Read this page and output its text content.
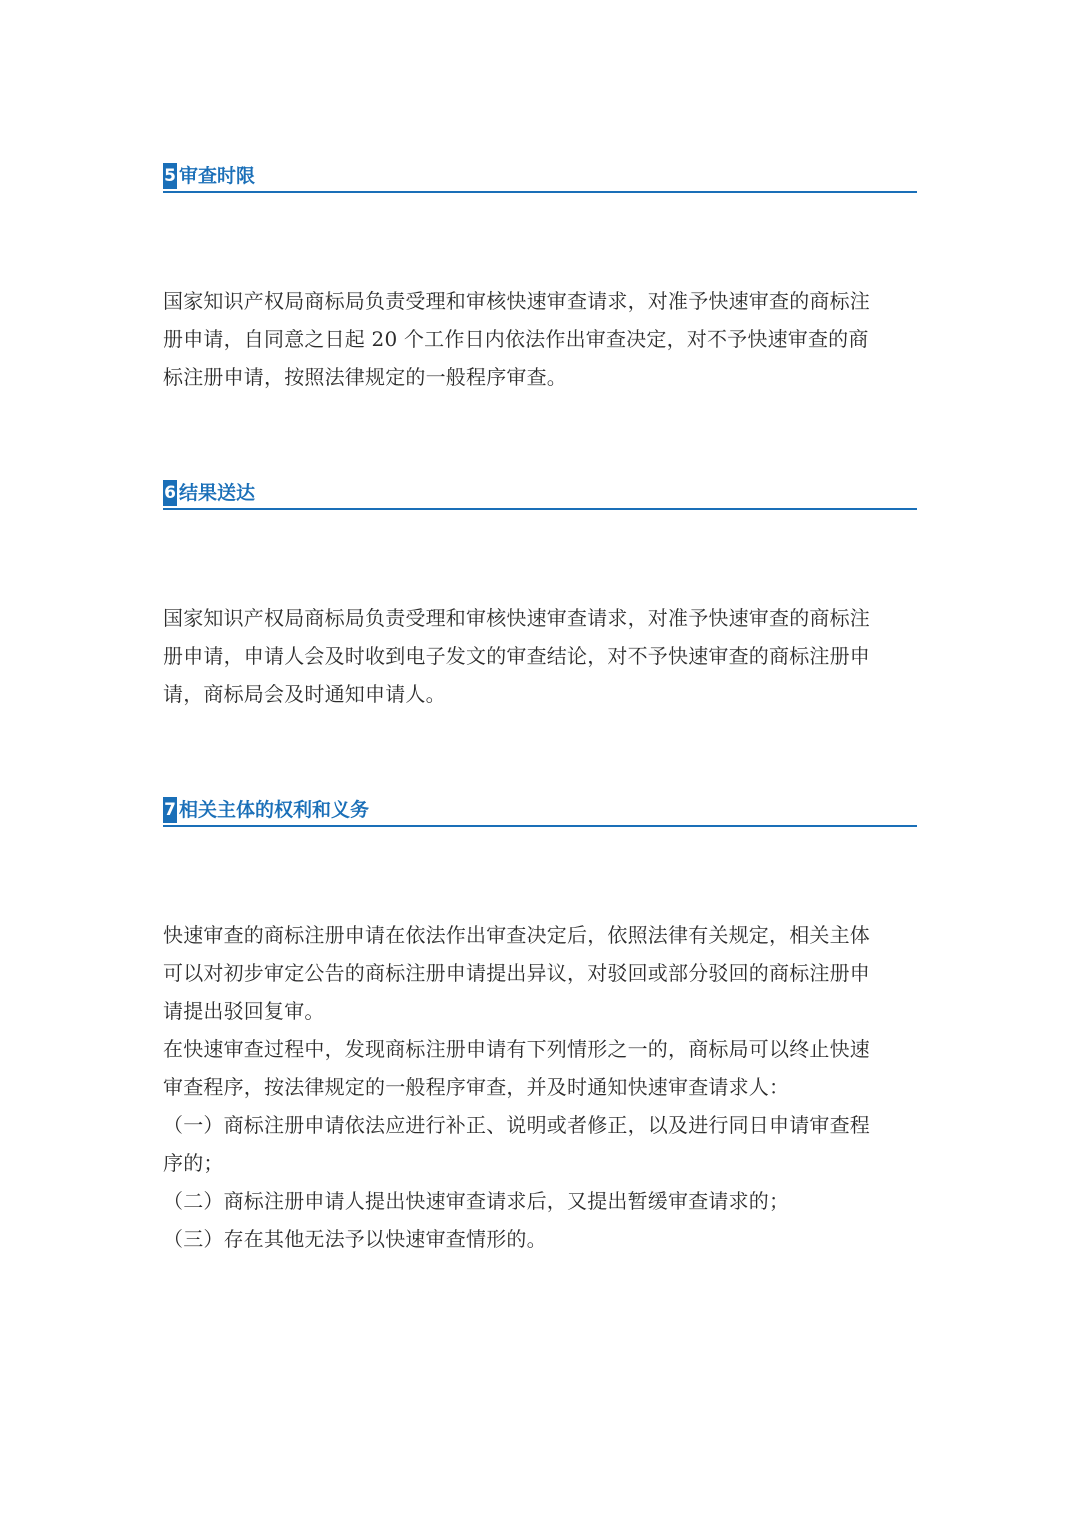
5 审查时限
国家知识产权局商标局负责受理和审核快速审查请求，对准予快速审查的商标注
册申请，自同意之日起 20 个工作日内依法作出审查决定，对不予快速审查的商
标注册申请，按照法律规定的一般程序审查。
6 结果送达
国家知识产权局商标局负责受理和审核快速审查请求，对准予快速审查的商标注
册申请，申请人会及时收到电子发文的审查结论，对不予快速审查的商标注册申
请，商标局会及时通知申请人。
7 相关主体的权利和义务
快速审查的商标注册申请在依法作出审查决定后，依照法律有关规定，相关主体
可以对初步审定公告的商标注册申请提出异议，对驳回或部分驳回的商标注册申
请提出驳回复审。
在快速审查过程中，发现商标注册申请有下列情形之一的，商标局可以终止快速
审查程序，按法律规定的一般程序审查，并及时通知快速审查请求人：
（一）商标注册申请依法应进行补正、说明或者修正，以及进行同日申请审查程
序的；
（二）商标注册申请人提出快速审查请求后，又提出暂缓审查请求的；
（三）存在其他无法予以快速审查情形的。
